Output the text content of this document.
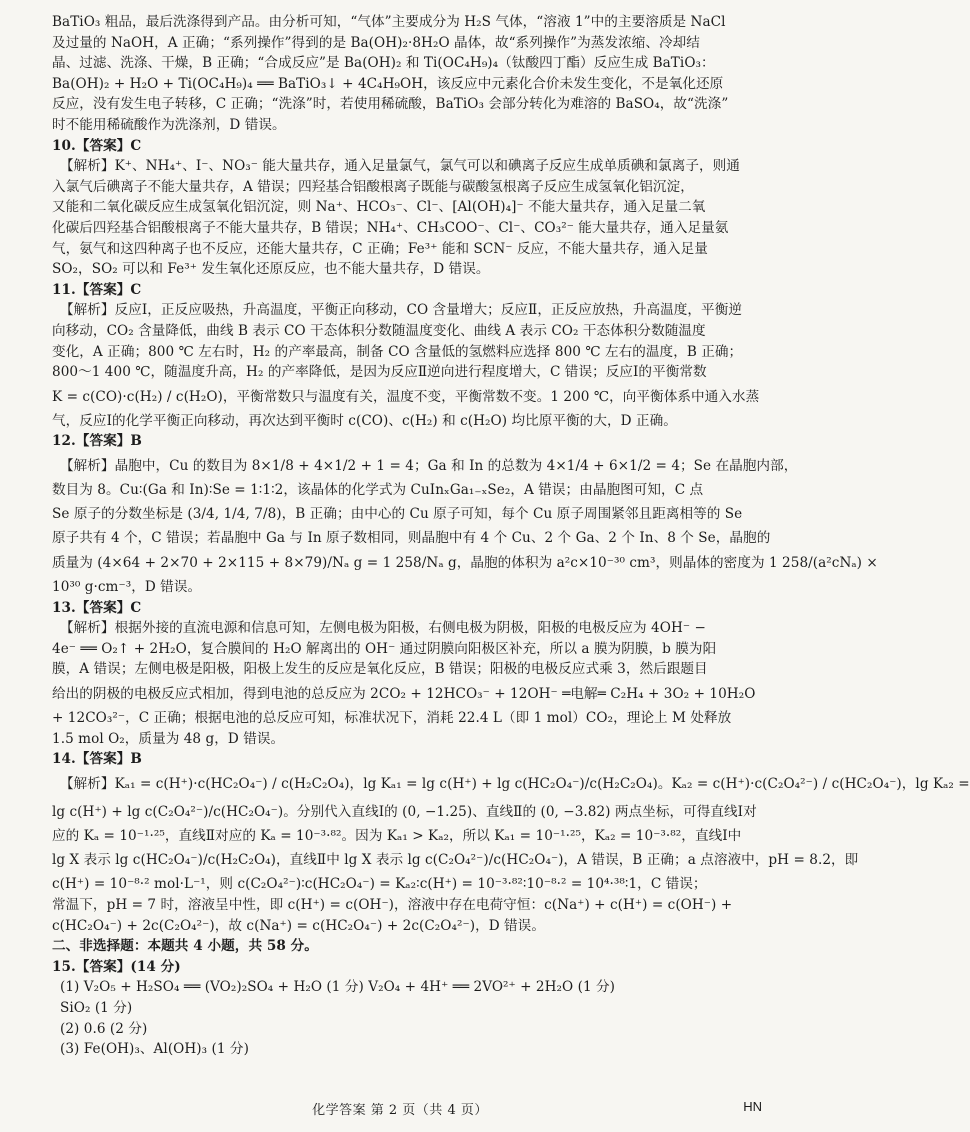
BaTiO₃ 粗品，最后洗涤得到产品。由分析可知，“气体”主要成分为 H₂S 气体，“溶液 1”中的主要溶质是 NaCl
及过量的 NaOH，A 正确；“系列操作”得到的是 Ba(OH)₂·8H₂O 晶体，故“系列操作”为蒸发浓缩、冷却结
晶、过滤、洗涤、干燥，B 正确；“合成反应”是 Ba(OH)₂ 和 Ti(OC₄H₉)₄（钛酸四丁酯）反应生成 BaTiO₃：
Ba(OH)₂ + H₂O + Ti(OC₄H₉)₄ ══ BaTiO₃↓ + 4C₄H₉OH，该反应中元素化合价未发生变化，不是氧化还原
反应，没有发生电子转移，C 正确；“洗涤”时，若使用稀硫酸，BaTiO₃ 会部分转化为难溶的 BaSO₄，故“洗涤”
时不能用稀硫酸作为洗涤剂，D 错误。
10.【答案】C
【解析】K⁺、NH₄⁺、I⁻、NO₃⁻ 能大量共存，通入足量氯气，氯气可以和碘离子反应生成单质碘和氯离子，则通
入氯气后碘离子不能大量共存，A 错误；四羟基合铝酸根离子既能与碳酸氢根离子反应生成氢氧化铝沉淀，
又能和二氧化碳反应生成氢氧化铝沉淀，则 Na⁺、HCO₃⁻、Cl⁻、[Al(OH)₄]⁻ 不能大量共存，通入足量二氧
化碳后四羟基合铝酸根离子不能大量共存，B 错误；NH₄⁺、CH₃COO⁻、Cl⁻、CO₃²⁻ 能大量共存，通入足量氨
气，氨气和这四种离子也不反应，还能大量共存，C 正确；Fe³⁺ 能和 SCN⁻ 反应，不能大量共存，通入足量
SO₂，SO₂ 可以和 Fe³⁺ 发生氧化还原反应，也不能大量共存，D 错误。
11.【答案】C
【解析】反应Ⅰ，正反应吸热，升高温度，平衡正向移动，CO 含量增大；反应Ⅱ，正反应放热，升高温度，平衡逆
向移动，CO₂ 含量降低，曲线 B 表示 CO 干态体积分数随温度变化、曲线 A 表示 CO₂ 干态体积分数随温度
变化，A 正确；800 ℃ 左右时，H₂ 的产率最高，制备 CO 含量低的氢燃料应选择 800 ℃ 左右的温度，B 正确；
800～1 400 ℃，随温度升高，H₂ 的产率降低，是因为反应Ⅱ逆向进行程度增大，C 错误；反应Ⅰ的平衡常数
K = c(CO)·c(H₂) / c(H₂O)，平衡常数只与温度有关，温度不变，平衡常数不变。1 200 ℃，向平衡体系中通入水蒸
气，反应Ⅰ的化学平衡正向移动，再次达到平衡时 c(CO)、c(H₂) 和 c(H₂O) 均比原平衡的大，D 正确。
12.【答案】B
【解析】晶胞中，Cu 的数目为 8×1/8 + 4×1/2 + 1 = 4；Ga 和 In 的总数为 4×1/4 + 6×1/2 = 4；Se 在晶胞内部，
数目为 8。Cu∶(Ga 和 In)∶Se = 1∶1∶2，该晶体的化学式为 CuInₓGa₁₋ₓSe₂，A 错误；由晶胞图可知，C 点
Se 原子的分数坐标是 (3/4, 1/4, 7/8)，B 正确；由中心的 Cu 原子可知，每个 Cu 原子周围紧邻且距离相等的 Se
原子共有 4 个，C 错误；若晶胞中 Ga 与 In 原子数相同，则晶胞中有 4 个 Cu、2 个 Ga、2 个 In、8 个 Se，晶胞的
质量为 (4×64 + 2×70 + 2×115 + 8×79)/Nₐ g = 1 258/Nₐ g，晶胞的体积为 a²c×10⁻³⁰ cm³，则晶体的密度为 1 258/(a²cNₐ) ×
10³⁰ g·cm⁻³，D 错误。
13.【答案】C
【解析】根据外接的直流电源和信息可知，左侧电极为阳极，右侧电极为阴极，阳极的电极反应为 4OH⁻ −
4e⁻ ══ O₂↑ + 2H₂O，复合膜间的 H₂O 解离出的 OH⁻ 通过阴膜向阳极区补充，所以 a 膜为阴膜，b 膜为阳
膜，A 错误；左侧电极是阳极，阳极上发生的反应是氧化反应，B 错误；阳极的电极反应式乘 3，然后跟题目
给出的阴极的电极反应式相加，得到电池的总反应为 2CO₂ + 12HCO₃⁻ + 12OH⁻ ═电解═ C₂H₄ + 3O₂ + 10H₂O
+ 12CO₃²⁻，C 正确；根据电池的总反应可知，标准状况下，消耗 22.4 L（即 1 mol）CO₂，理论上 M 处释放
1.5 mol O₂，质量为 48 g，D 错误。
14.【答案】B
【解析】Kₐ₁ = c(H⁺)·c(HC₂O₄⁻) / c(H₂C₂O₄)，lg Kₐ₁ = lg c(H⁺) + lg c(HC₂O₄⁻)/c(H₂C₂O₄)。Kₐ₂ = c(H⁺)·c(C₂O₄²⁻) / c(HC₂O₄⁻)，lg Kₐ₂ =
lg c(H⁺) + lg c(C₂O₄²⁻)/c(HC₂O₄⁻)。分别代入直线Ⅰ的 (0, −1.25)、直线Ⅱ的 (0, −3.82) 两点坐标，可得直线Ⅰ对
应的 Kₐ = 10⁻¹·²⁵，直线Ⅱ对应的 Kₐ = 10⁻³·⁸²。因为 Kₐ₁ > Kₐ₂，所以 Kₐ₁ = 10⁻¹·²⁵，Kₐ₂ = 10⁻³·⁸²，直线Ⅰ中
lg X 表示 lg c(HC₂O₄⁻)/c(H₂C₂O₄)，直线Ⅱ中 lg X 表示 lg c(C₂O₄²⁻)/c(HC₂O₄⁻)，A 错误，B 正确；a 点溶液中，pH = 8.2，即
c(H⁺) = 10⁻⁸·² mol·L⁻¹，则 c(C₂O₄²⁻)∶c(HC₂O₄⁻) = Kₐ₂∶c(H⁺) = 10⁻³·⁸²∶10⁻⁸·² = 10⁴·³⁸∶1，C 错误；
常温下，pH = 7 时，溶液呈中性，即 c(H⁺) = c(OH⁻)，溶液中存在电荷守恒：c(Na⁺) + c(H⁺) = c(OH⁻) +
c(HC₂O₄⁻) + 2c(C₂O₄²⁻)，故 c(Na⁺) = c(HC₂O₄⁻) + 2c(C₂O₄²⁻)，D 错误。
二、非选择题：本题共 4 小题，共 58 分。
15.【答案】(14 分)
(1) V₂O₅ + H₂SO₄ ══ (VO₂)₂SO₄ + H₂O (1 分) V₂O₄ + 4H⁺ ══ 2VO²⁺ + 2H₂O (1 分)
SiO₂ (1 分)
(2) 0.6 (2 分)
(3) Fe(OH)₃、Al(OH)₃ (1 分)
化学答案 第 2 页（共 4 页）	HN
